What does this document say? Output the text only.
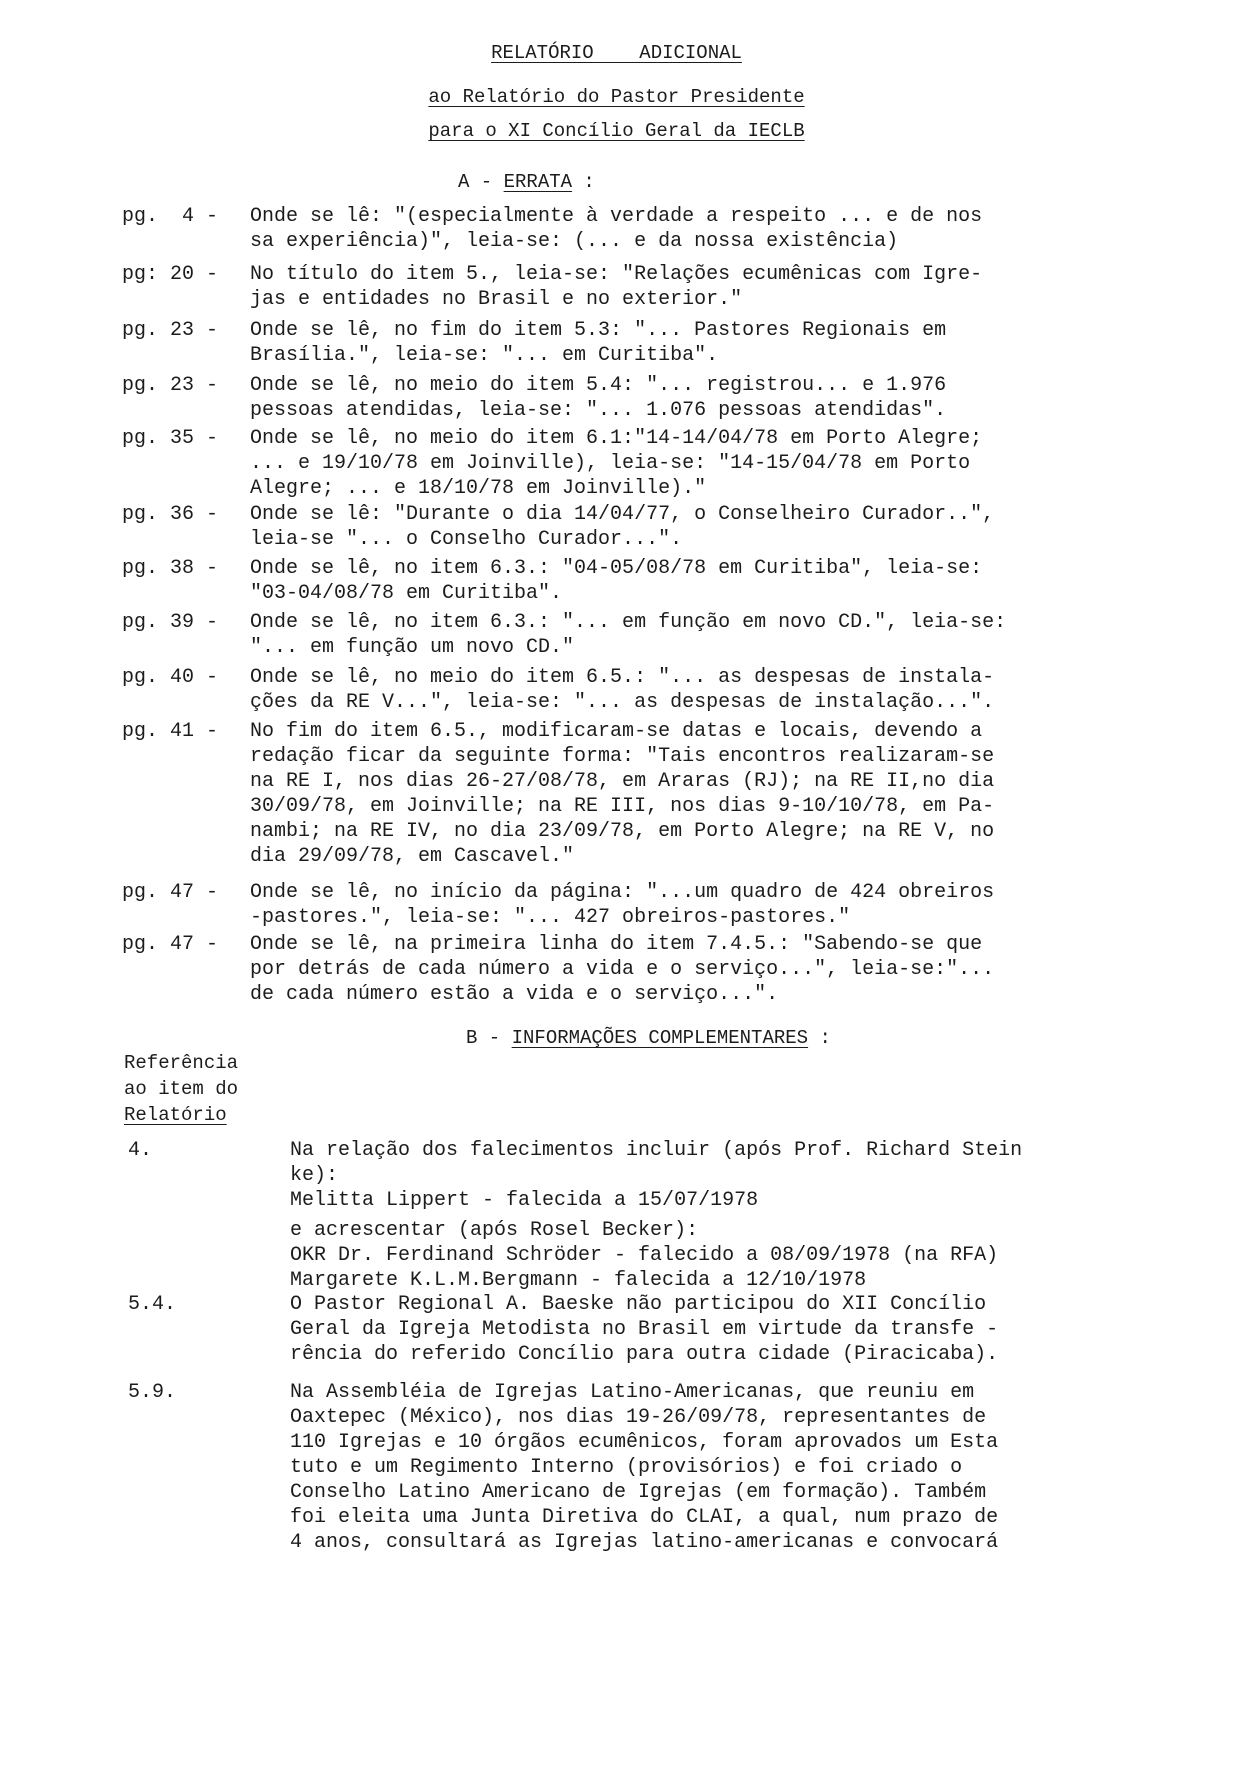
RELATÓRIO    ADICIONAL
ao Relatório do Pastor Presidente
para o XI Concílio Geral da IECLB
A - ERRATA :
pg.  4 - Onde se lê: "(especialmente à verdade a respeito ... e de nos
sa experiência)", leia-se: (... e da nossa existência)
pg: 20 - No título do item 5., leia-se: "Relações ecumênicas com Igre-
jas e entidades no Brasil e no exterior."
pg. 23 - Onde se lê, no fim do item 5.3: "... Pastores Regionais em
Brasília.", leia-se: "... em Curitiba".
pg. 23 - Onde se lê, no meio do item 5.4: "... registrou... e 1.976
pessoas atendidas, leia-se: "... 1.076 pessoas atendidas".
pg. 35 - Onde se lê, no meio do item 6.1:"14-14/04/78 em Porto Alegre;
... e 19/10/78 em Joinville), leia-se: "14-15/04/78 em Porto
Alegre; ... e 18/10/78 em Joinville)."
pg. 36 - Onde se lê: "Durante o dia 14/04/77, o Conselheiro Curador..",
leia-se "... o Conselho Curador...".
pg. 38 - Onde se lê, no item 6.3.: "04-05/08/78 em Curitiba", leia-se:
"03-04/08/78 em Curitiba".
pg. 39 - Onde se lê, no item 6.3.: "... em função em novo CD.", leia-se:
"... em função um novo CD."
pg. 40 - Onde se lê, no meio do item 6.5.: "... as despesas de instala-
ções da RE V...", leia-se: "... as despesas de instalação...".
pg. 41 - No fim do item 6.5., modificaram-se datas e locais, devendo a
redação ficar da seguinte forma: "Tais encontros realizaram-se
na RE I, nos dias 26-27/08/78, em Araras (RJ); na RE II,no dia
30/09/78, em Joinville; na RE III, nos dias 9-10/10/78, em Pa-
nambi; na RE IV, no dia 23/09/78, em Porto Alegre; na RE V, no
dia 29/09/78, em Cascavel."
pg. 47 - Onde se lê, no início da página: "...um quadro de 424 obreiros
-pastores.", leia-se: "... 427 obreiros-pastores."
pg. 47 - Onde se lê, na primeira linha do item 7.4.5.: "Sabendo-se que
por detrás de cada número a vida e o serviço...", leia-se:"...
de cada número estão a vida e o serviço...".
B - INFORMAÇÕES COMPLEMENTARES :
Referência
ao item do
Relatório
4.	Na relação dos falecimentos incluir (após Prof. Richard Stein
ke):
Melitta Lippert - falecida a 15/07/1978
e acrescentar (após Rosel Becker):
OKR Dr. Ferdinand Schröder - falecido a 08/09/1978 (na RFA)
Margarete K.L.M.Bergmann - falecida a 12/10/1978
5.4.	O Pastor Regional A. Baeske não participou do XII Concílio
Geral da Igreja Metodista no Brasil em virtude da transfe -
rência do referido Concílio para outra cidade (Piracicaba).
5.9.	Na Assembléia de Igrejas Latino-Americanas, que reuniu em
Oaxtepec (México), nos dias 19-26/09/78, representantes de
110 Igrejas e 10 órgãos ecumênicos, foram aprovados um Esta
tuto e um Regimento Interno (provisórios) e foi criado o
Conselho Latino Americano de Igrejas (em formação). Também
foi eleita uma Junta Diretiva do CLAI, a qual, num prazo de
4 anos, consultará as Igrejas latino-americanas e convocará
